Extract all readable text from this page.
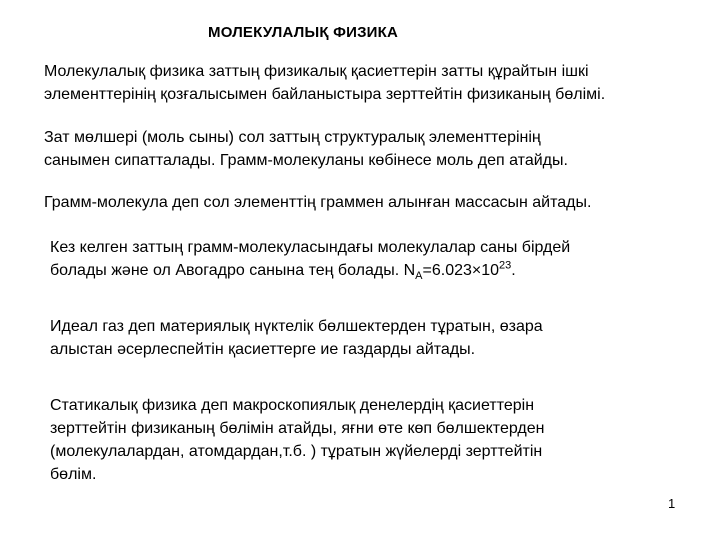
МОЛЕКУЛАЛЫҚ ФИЗИКА

Молекулалық физика заттың физикалық қасиеттерін затты құрайтын ішкі
элементтерінің қозғалысымен байланыстыра зерттейтін физиканың бөлімі.

Зат мөлшері (моль сыны) сол заттың структуралық элементтерінің
санымен сипатталады. Грамм-молекуланы көбінесе моль деп атайды.

Грамм-молекула деп сол элементтің граммен алынған массасын айтады.

Кез келген заттың грамм-молекуласындағы молекулалар саны бірдей
болады және ол Авогадро санына тең болады. $N_A=6.023\times 10^{23}$.

Идеал газ деп материялық нүктелік бөлшектерден тұратын, өзара
алыстан әсерлеспейтін қасиеттерге ие газдарды айтады.

Статикалық физика деп макроскопиялық денелердің қасиеттерін
зерттейтін физиканың бөлімін атайды, яғни өте көп бөлшектерден
(молекулалардан, атомдардан,т.б. ) тұратын жүйелерді зерттейтін
бөлім.

1
